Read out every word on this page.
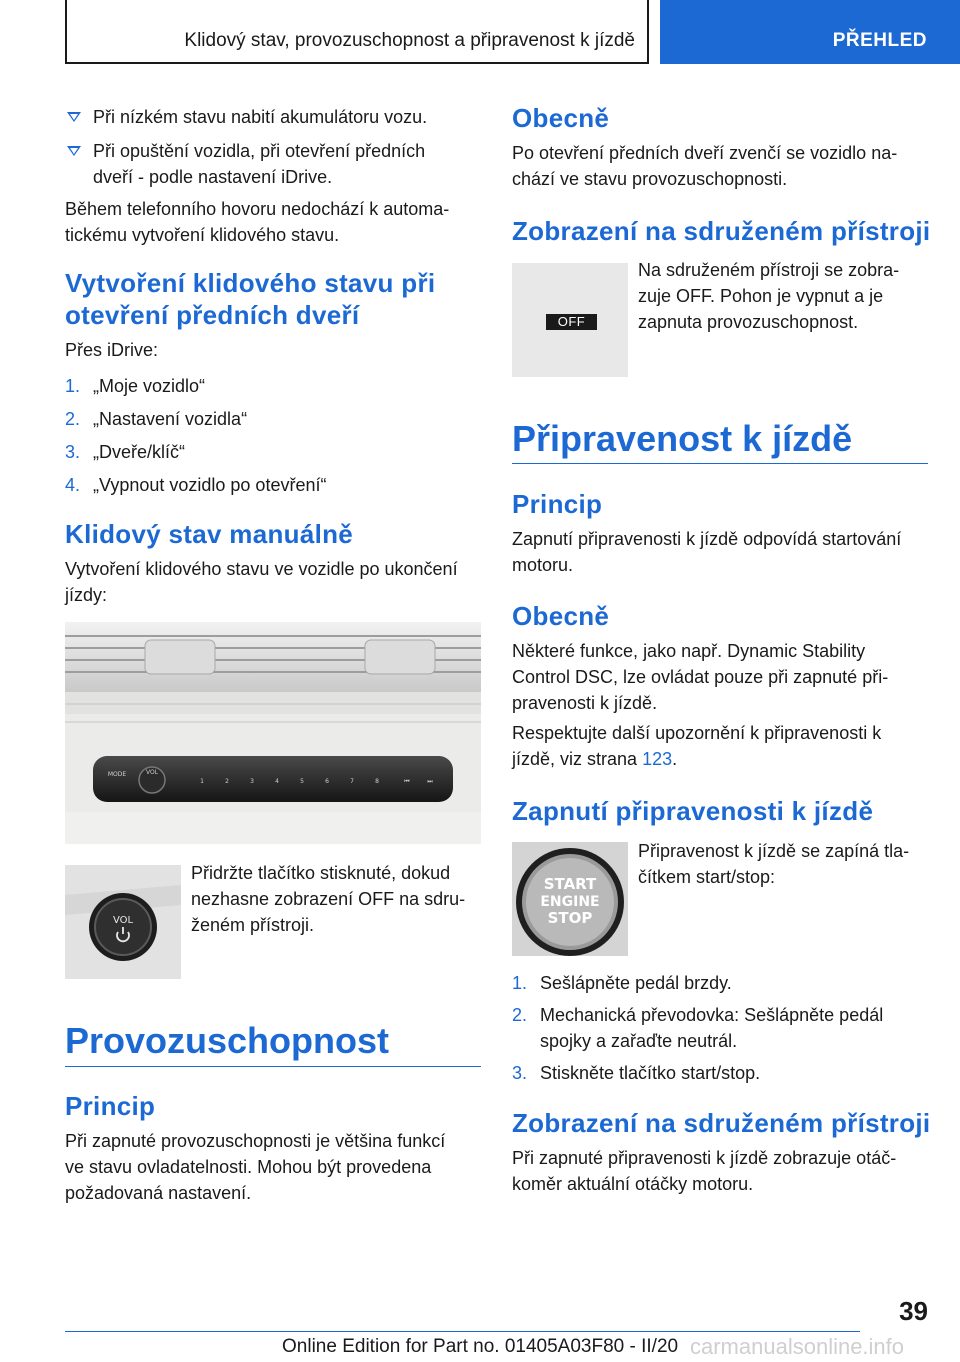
Klidový stav, provozuschopnost a připravenost k jízdě	PŘEHLED
Při nízkém stavu nabití akumulátoru vozu.
Při opuštění vozidla, při otevření předních
dveří - podle nastavení iDrive.
Během telefonního hovoru nedochází k automa-
tickému vytvoření klidového stavu.
Vytvoření klidového stavu při
otevření předních dveří
Přes iDrive:
1. „Moje vozidlo“
2. „Nastavení vozidla“
3. „Dveře/klíč“
4. „Vypnout vozidlo po otevření“
Klidový stav manuálně
Vytvoření klidového stavu ve vozidle po ukončení
jízdy:
Přidržte tlačítko stisknuté, dokud
nezhasne zobrazení OFF na sdru-
ženém přístroji.
Provozuschopnost
Princip
Při zapnuté provozuschopnosti je většina funkcí
ve stavu ovladatelnosti. Mohou být provedena
požadovaná nastavení.
MODE	VOL
1	2	3	4	5	6	7	8	⏮	⏭
VOL
Obecně
Po otevření předních dveří zvenčí se vozidlo na-
chází ve stavu provozuschopnosti.
Zobrazení na sdruženém přístroji
Na sdruženém přístroji se zobra-
zuje OFF. Pohon je vypnut a je
zapnuta provozuschopnost.
Připravenost k jízdě
Princip
Zapnutí připravenosti k jízdě odpovídá startování
motoru.
Obecně
Některé funkce, jako např. Dynamic Stability
Control DSC, lze ovládat pouze při zapnuté při-
pravenosti k jízdě.
Respektujte další upozornění k připravenosti k
jízdě, viz strana 123.
Zapnutí připravenosti k jízdě
Připravenost k jízdě se zapíná tla-
čítkem start/stop:
1. Sešlápněte pedál brzdy.
2. Mechanická převodovka: Sešlápněte pedál
spojky a zařaďte neutrál.
3. Stiskněte tlačítko start/stop.
Zobrazení na sdruženém přístroji
Při zapnuté připravenosti k jízdě zobrazuje otáč-
koměr aktuální otáčky motoru.
OFF
START
ENGINE
STOP
39
Online Edition for Part no. 01405A03F80 - II/20 carmanualsonline.info
